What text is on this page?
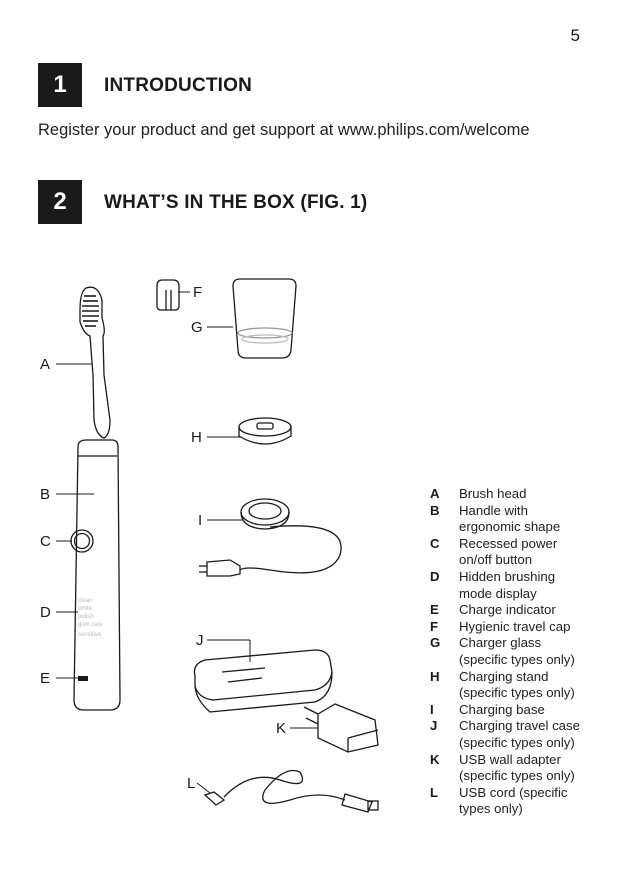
5
1	INTRODUCTION
Register your product and get support at www.philips.com/welcome
2	WHAT’S IN THE BOX (FIG. 1)
clean
white
polish
gum care
sensitive
A
B
C
D
E
F
G
H
I
J
K
L
A	Brush head
B	Handle with ergonomic shape
C	Recessed power on/off button
D	Hidden brushing mode display
E	Charge indicator
F	Hygienic travel cap
G	Charger glass (specific types only)
H	Charging stand (specific types only)
I	Charging base
J	Charging travel case (specific types only)
K	USB wall adapter (specific types only)
L	USB cord (specific types only)
